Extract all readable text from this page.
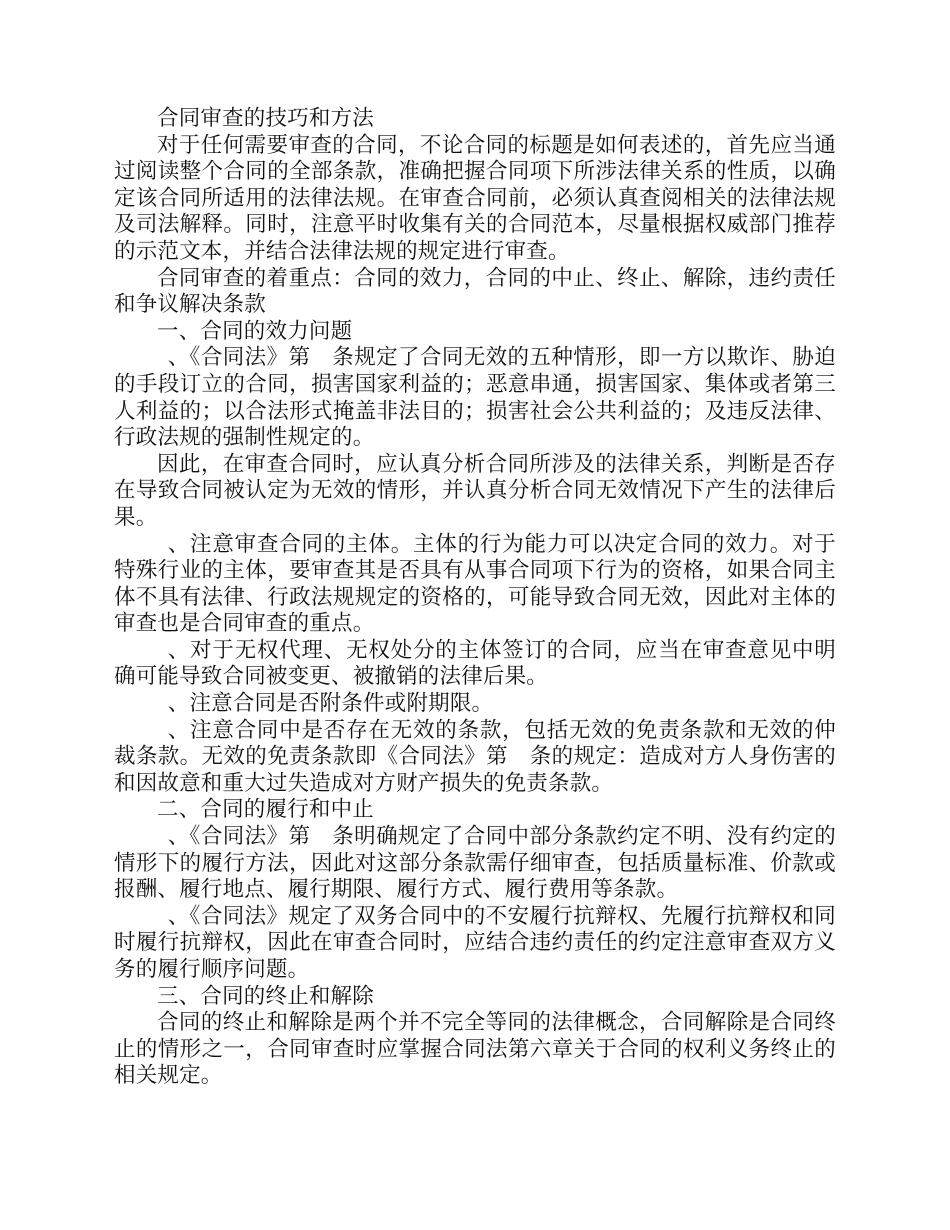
合同审查的技巧和方法

对于任何需要审查的合同，不论合同的标题是如何表述的，首先应当通过阅读整个合同的全部条款，准确把握合同项下所涉法律关系的性质，以确定该合同所适用的法律法规。在审查合同前，必须认真查阅相关的法律法规及司法解释。同时，注意平时收集有关的合同范本，尽量根据权威部门推荐的示范文本，并结合法律法规的规定进行审查。

合同审查的着重点：合同的效力，合同的中止、终止、解除，违约责任和争议解决条款

一、合同的效力问题

、《合同法》第　条规定了合同无效的五种情形，即一方以欺诈、胁迫的手段订立的合同，损害国家利益的；恶意串通，损害国家、集体或者第三人利益的；以合法形式掩盖非法目的；损害社会公共利益的；及违反法律、行政法规的强制性规定的。

因此，在审查合同时，应认真分析合同所涉及的法律关系，判断是否存在导致合同被认定为无效的情形，并认真分析合同无效情况下产生的法律后果。

、注意审查合同的主体。主体的行为能力可以决定合同的效力。对于特殊行业的主体，要审查其是否具有从事合同项下行为的资格，如果合同主体不具有法律、行政法规规定的资格的，可能导致合同无效，因此对主体的审查也是合同审查的重点。

、对于无权代理、无权处分的主体签订的合同，应当在审查意见中明确可能导致合同被变更、被撤销的法律后果。

、注意合同是否附条件或附期限。

、注意合同中是否存在无效的条款，包括无效的免责条款和无效的仲裁条款。无效的免责条款即《合同法》第　条的规定：造成对方人身伤害的和因故意和重大过失造成对方财产损失的免责条款。

二、合同的履行和中止

、《合同法》第　条明确规定了合同中部分条款约定不明、没有约定的情形下的履行方法，因此对这部分条款需仔细审查，包括质量标准、价款或报酬、履行地点、履行期限、履行方式、履行费用等条款。

、《合同法》规定了双务合同中的不安履行抗辩权、先履行抗辩权和同时履行抗辩权，因此在审查合同时，应结合违约责任的约定注意审查双方义务的履行顺序问题。

三、合同的终止和解除

合同的终止和解除是两个并不完全等同的法律概念，合同解除是合同终止的情形之一，合同审查时应掌握合同法第六章关于合同的权利义务终止的相关规定。
